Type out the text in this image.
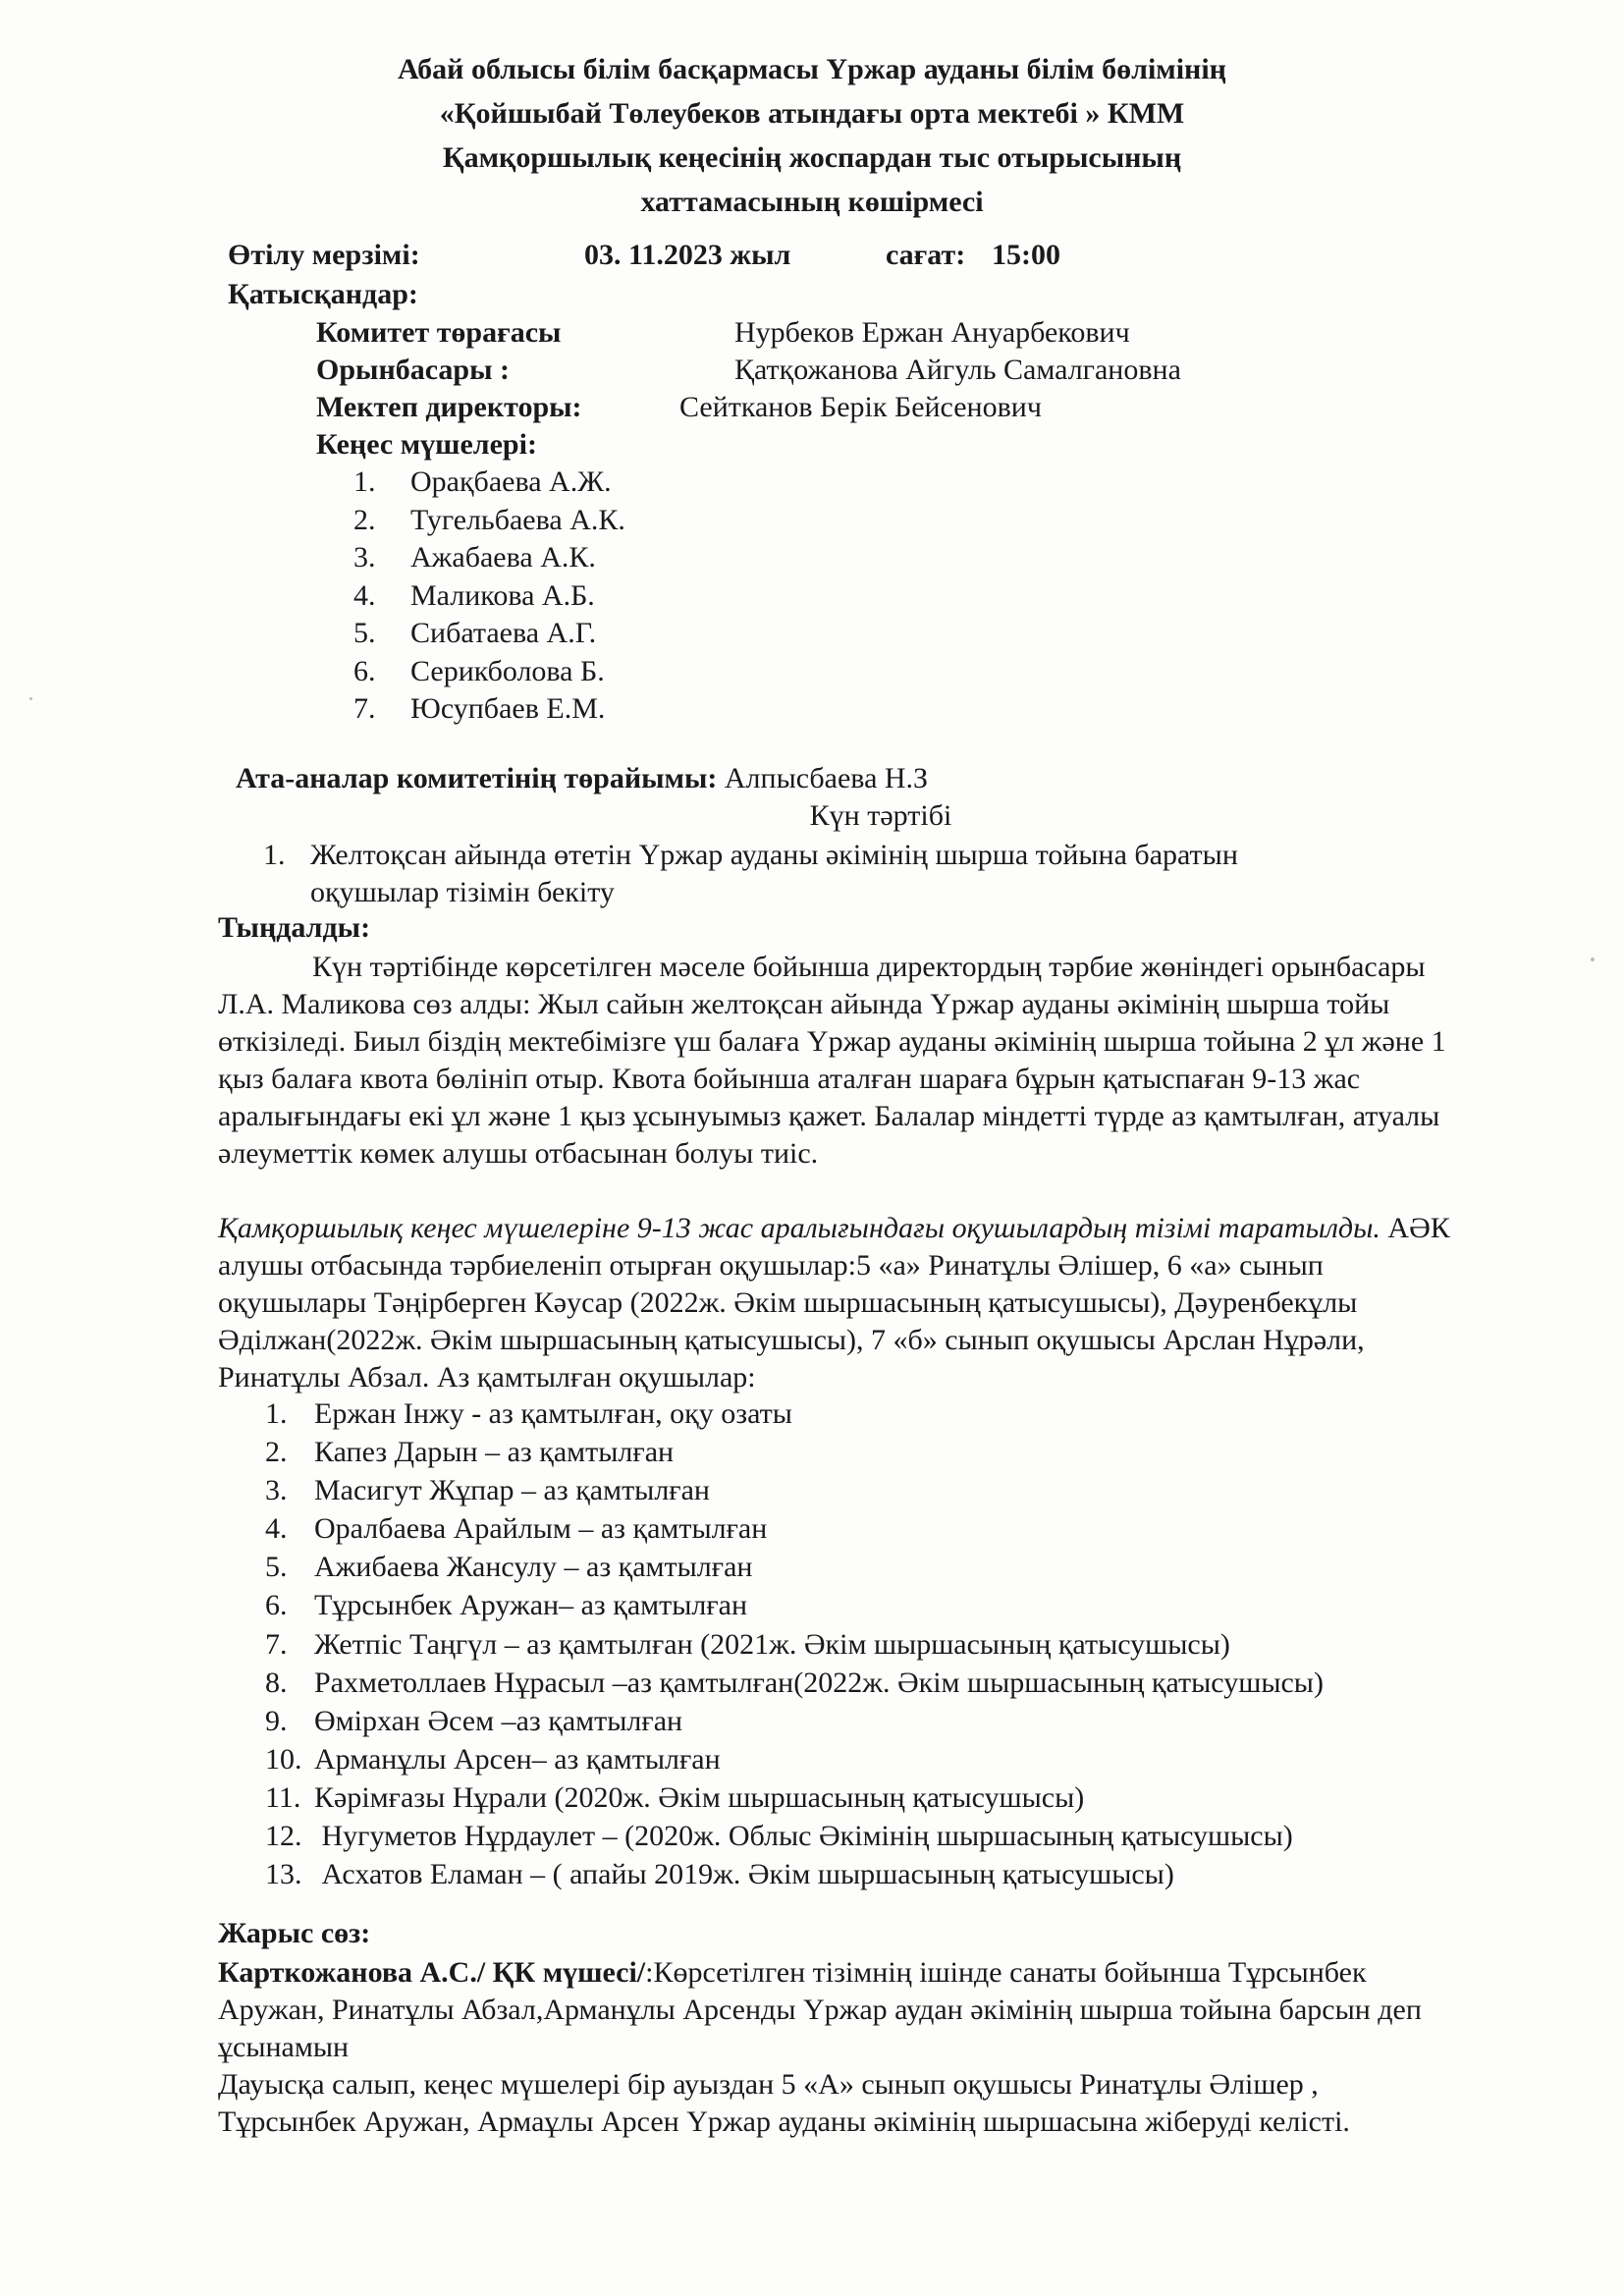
Абай облысы білім басқармасы Үржар ауданы білім бөлімінің
«Қойшыбай Төлеубеков атындағы орта мектебі » КММ
Қамқоршылық кеңесінің жоспардан тыс отырысының
хаттамасының көшірмесі
Өтілу мерзімі:	03. 11.2023 жыл	сағат: 15:00
Қатысқандар:
Комитет төрағасы	Нурбеков Ержан Ануарбекович
Орынбасары :	Қатқожанова Айгуль Самалгановна
Мектеп директоры:	Сейтканов Берік Бейсенович
Кеңес мүшелері:
1. Орақбаева А.Ж.
2. Тугельбаева А.К.
3. Ажабаева А.К.
4. Маликова А.Б.
5. Сибатаева А.Г.
6. Серикболова Б.
7. Юсупбаев Е.М.
Ата-аналар комитетінің төрайымы: Алпысбаева Н.З
Күн тәртібі
1. Желтоқсан айында өтетін Үржар ауданы әкімінің шырша тойына баратын
оқушылар тізімін бекіту
Тыңдалды:

Күн тәртібінде көрсетілген мәселе бойынша директордың тәрбие жөніндегі орынбасары Л.А. Маликова сөз алды: Жыл сайын желтоқсан айында Үржар ауданы әкімінің шырша тойы өткізіледі. Биыл біздің мектебімізге үш балаға Үржар ауданы әкімінің шырша тойына 2 ұл және 1 қыз балаға квота бөлініп отыр. Квота бойынша аталған шараға бұрын қатыспаған 9-13 жас аралығындағы екі ұл және 1 қыз ұсынуымыз қажет. Балалар міндетті түрде аз қамтылған, атуалы әлеуметтік көмек алушы отбасынан болуы тиіс.

Қамқоршылық кеңес мүшелеріне 9-13 жас аралығындағы оқушылардың тізімі таратылды. АӘК алушы отбасында тәрбиеленіп отырған оқушылар:5 «а» Ринатұлы Әлішер, 6 «а» сынып оқушылары Тәңірберген Кәусар (2022ж. Әкім шыршасының қатысушысы), Дәуренбекұлы Әділжан(2022ж. Әкім шыршасының қатысушысы), 7 «б» сынып оқушысы Арслан Нұрәли, Ринатұлы Абзал. Аз қамтылған оқушылар:

1. Ержан Інжу - аз қамтылған, оқу озаты
2. Капез Дарын – аз қамтылған
3. Масигут Жұпар – аз қамтылған
4. Оралбаева Арайлым – аз қамтылған
5. Ажибаева Жансулу – аз қамтылған
6. Тұрсынбек Аружан– аз қамтылған
7. Жетпіс Таңгүл – аз қамтылған (2021ж. Әкім шыршасының қатысушысы)
8. Рахметоллаев Нұрасыл –аз қамтылған(2022ж. Әкім шыршасының қатысушысы)
9. Өмірхан Әсем –аз қамтылған
10. Арманұлы Арсен– аз қамтылған
11. Кәрімғазы Нұрали (2020ж. Әкім шыршасының қатысушысы)
12. Нугуметов Нұрдаулет – (2020ж. Облыс Әкімінің шыршасының қатысушысы)
13. Асхатов Еламан – ( апайы 2019ж. Әкім шыршасының қатысушысы)
Жарыс сөз:

Карткожанова А.С./ ҚК мүшесі/:Көрсетілген тізімнің ішінде санаты бойынша Тұрсынбек Аружан, Ринатұлы Абзал,Арманұлы Арсенды Үржар аудан әкімінің шырша тойына барсын деп ұсынамын

Дауысқа салып, кеңес мүшелері бір ауыздан 5 «А» сынып оқушысы Ринатұлы Әлішер , Тұрсынбек Аружан, Армаұлы Арсен Үржар ауданы әкімінің шыршасына жіберуді келісті.
